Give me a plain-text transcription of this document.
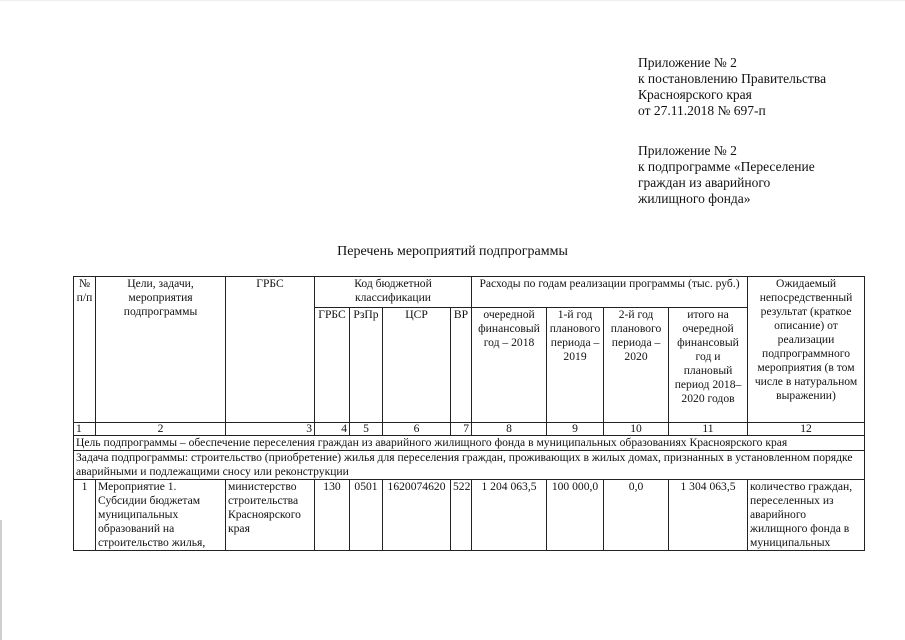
Приложение № 2
к постановлению Правительства
Красноярского края
от 27.11.2018 № 697-п
Приложение № 2
к подпрограмме «Переселение
граждан из аварийного
жилищного фонда»
Перечень мероприятий подпрограммы
№ п/п	Цели, задачи, мероприятия подпрограммы	ГРБС	Код бюджетной классификации				Расходы по годам реализации программы (тыс. руб.)				Ожидаемый непосредственный результат (краткое описание) от реализации подпрограммного мероприятия (в том числе в натуральном выражении)
			ГРБС	РзПр	ЦСР	ВР	очередной финансовый год – 2018	1-й год планового периода – 2019	2-й год планового периода – 2020	итого на очередной финансовый год и плановый период 2018–2020 годов	
1	2	3	4	5	6	7	8	9	10	11	12
Цель подпрограммы – обеспечение переселения граждан из аварийного жилищного фонда в муниципальных образованиях Красноярского края											
Задача подпрограммы: строительство (приобретение) жилья для переселения граждан, проживающих в жилых домах, признанных в установленном порядке аварийными и подлежащими сносу или реконструкции											
1	Мероприятие 1. Субсидии бюджетам муниципальных образований на строительство жилья,	министерство строительства Красноярского края	130	0501	1620074620	522	1 204 063,5	100 000,0	0,0	1 304 063,5	количество граждан, переселенных из аварийного жилищного фонда в муниципальных
